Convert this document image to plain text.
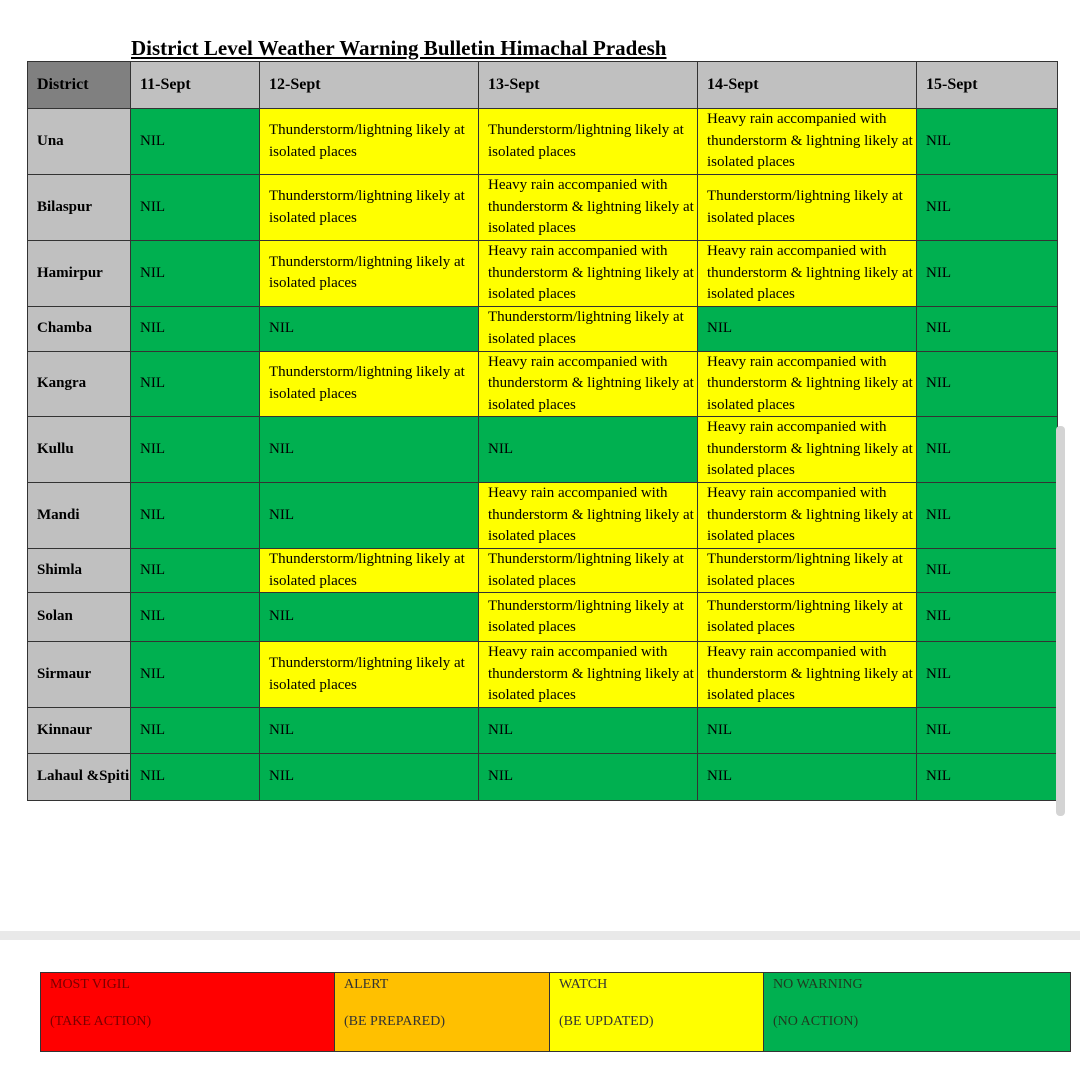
District Level Weather Warning Bulletin Himachal Pradesh
District	11-Sept	12-Sept	13-Sept	14-Sept	15-Sept
Una	NIL	Thunderstorm/lightning likely at isolated places	Thunderstorm/lightning likely at isolated places	Heavy rain accompanied with thunderstorm & lightning likely at isolated places	NIL
Bilaspur	NIL	Thunderstorm/lightning likely at isolated places	Heavy rain accompanied with thunderstorm & lightning likely at isolated places	Thunderstorm/lightning likely at isolated places	NIL
Hamirpur	NIL	Thunderstorm/lightning likely at isolated places	Heavy rain accompanied with thunderstorm & lightning likely at isolated places	Heavy rain accompanied with thunderstorm & lightning likely at isolated places	NIL
Chamba	NIL	NIL	Thunderstorm/lightning likely at isolated places	NIL	NIL
Kangra	NIL	Thunderstorm/lightning likely at isolated places	Heavy rain accompanied with thunderstorm & lightning likely at isolated places	Heavy rain accompanied with thunderstorm & lightning likely at isolated places	NIL
Kullu	NIL	NIL	NIL	Heavy rain accompanied with thunderstorm & lightning likely at isolated places	NIL
Mandi	NIL	NIL	Heavy rain accompanied with thunderstorm & lightning likely at isolated places	Heavy rain accompanied with thunderstorm & lightning likely at isolated places	NIL
Shimla	NIL	Thunderstorm/lightning likely at isolated places	Thunderstorm/lightning likely at isolated places	Thunderstorm/lightning likely at isolated places	NIL
Solan	NIL	NIL	Thunderstorm/lightning likely at isolated places	Thunderstorm/lightning likely at isolated places	NIL
Sirmaur	NIL	Thunderstorm/lightning likely at isolated places	Heavy rain accompanied with thunderstorm & lightning likely at isolated places	Heavy rain accompanied with thunderstorm & lightning likely at isolated places	NIL
Kinnaur	NIL	NIL	NIL	NIL	NIL
Lahaul &Spiti	NIL	NIL	NIL	NIL	NIL
MOST VIGIL
(TAKE ACTION)
	ALERT
(BE PREPARED)
	WATCH
(BE UPDATED)
	NO WARNING
(NO ACTION)
